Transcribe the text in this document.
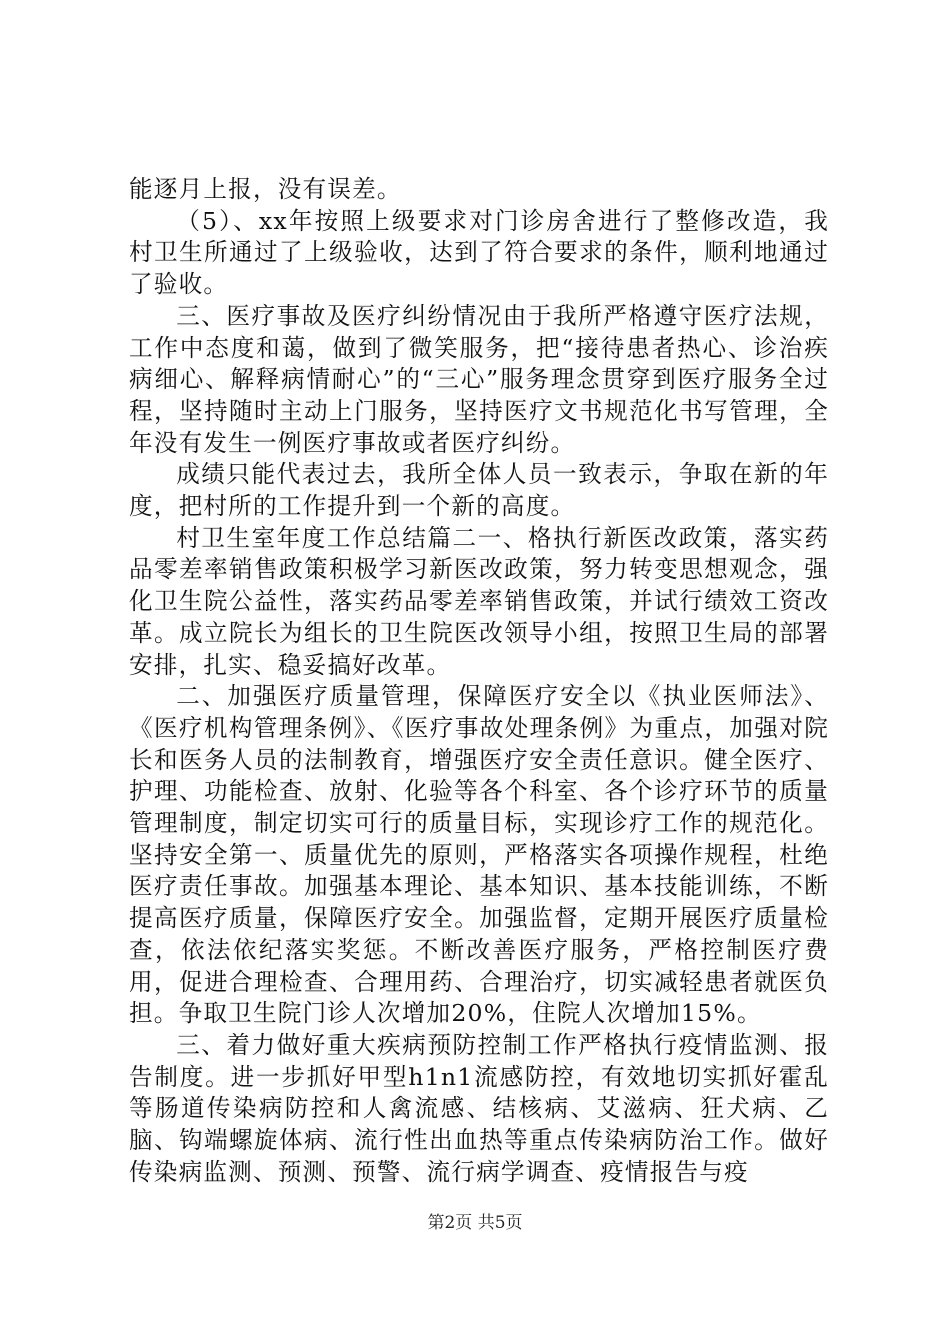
能逐月上报，没有误差。

（5）、xx年按照上级要求对门诊房舍进行了整修改造，我村卫生所通过了上级验收，达到了符合要求的条件，顺利地通过了验收。

三、医疗事故及医疗纠纷情况由于我所严格遵守医疗法规，工作中态度和蔼，做到了微笑服务，把“接待患者热心、诊治疾病细心、解释病情耐心”的“三心”服务理念贯穿到医疗服务全过程，坚持随时主动上门服务，坚持医疗文书规范化书写管理，全年没有发生一例医疗事故或者医疗纠纷。

成绩只能代表过去，我所全体人员一致表示，争取在新的年度，把村所的工作提升到一个新的高度。

村卫生室年度工作总结篇二一、格执行新医改政策，落实药品零差率销售政策积极学习新医改政策，努力转变思想观念，强化卫生院公益性，落实药品零差率销售政策，并试行绩效工资改革。成立院长为组长的卫生院医改领导小组，按照卫生局的部署安排，扎实、稳妥搞好改革。

二、加强医疗质量管理，保障医疗安全以《执业医师法》、《医疗机构管理条例》、《医疗事故处理条例》为重点，加强对院长和医务人员的法制教育，增强医疗安全责任意识。健全医疗、护理、功能检查、放射、化验等各个科室、各个诊疗环节的质量管理制度，制定切实可行的质量目标，实现诊疗工作的规范化。坚持安全第一、质量优先的原则，严格落实各项操作规程，杜绝医疗责任事故。加强基本理论、基本知识、基本技能训练，不断提高医疗质量，保障医疗安全。加强监督，定期开展医疗质量检查，依法依纪落实奖惩。不断改善医疗服务，严格控制医疗费用，促进合理检查、合理用药、合理治疗，切实减轻患者就医负担。争取卫生院门诊人次增加20%，住院人次增加15%。

三、着力做好重大疾病预防控制工作严格执行疫情监测、报告制度。进一步抓好甲型h1n1流感防控，有效地切实抓好霍乱等肠道传染病防控和人禽流感、结核病、艾滋病、狂犬病、乙脑、钩端螺旋体病、流行性出血热等重点传染病防治工作。做好传染病监测、预测、预警、流行病学调查、疫情报告与疫

第2页 共5页
